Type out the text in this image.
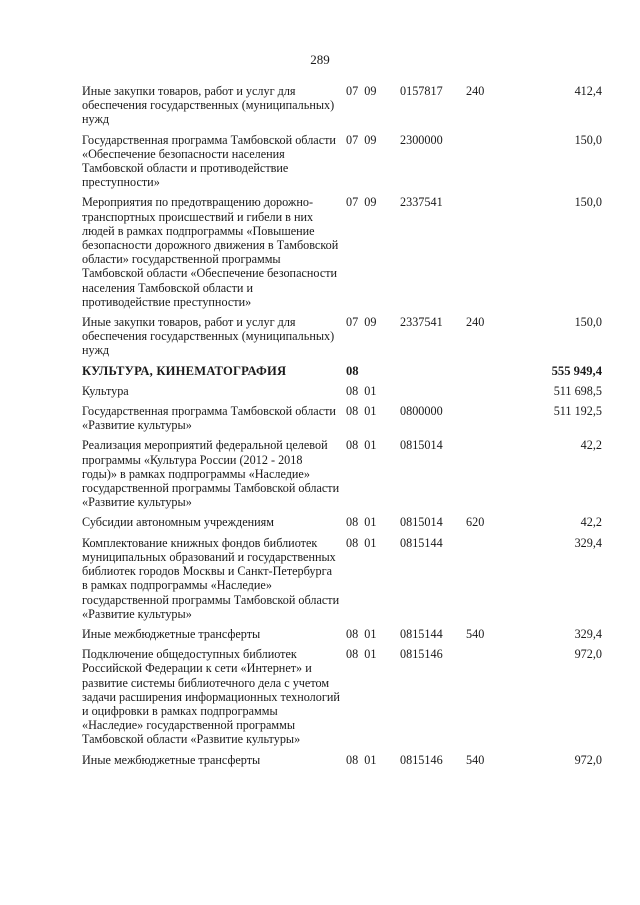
289
Иные закупки товаров, работ и услуг для обеспечения государственных (муниципальных) нужд	07  09	0157817	240	412,4
Государственная программа Тамбовской области «Обеспечение безопасности населения Тамбовской области и противодействие преступности»	07  09	2300000		150,0
Мероприятия по предотвращению дорожно-транспортных происшествий и гибели в них людей в рамках подпрограммы «Повышение безопасности дорожного движения в Тамбовской области» государственной программы Тамбовской области «Обеспечение безопасности населения Тамбовской области и противодействие преступности»	07  09	2337541		150,0
Иные закупки товаров, работ и услуг для обеспечения государственных (муниципальных) нужд	07  09	2337541	240	150,0
КУЛЬТУРА, КИНЕМАТОГРАФИЯ	08			555 949,4
Культура	08  01			511 698,5
Государственная программа Тамбовской области «Развитие культуры»	08  01	0800000		511 192,5
Реализация мероприятий федеральной целевой программы «Культура России (2012 - 2018 годы)» в рамках подпрограммы «Наследие» государственной программы Тамбовской области «Развитие культуры»	08  01	0815014		42,2
Субсидии автономным учреждениям	08  01	0815014	620	42,2
Комплектование книжных фондов библиотек муниципальных образований и государственных библиотек городов Москвы и Санкт-Петербурга в рамках подпрограммы «Наследие» государственной программы Тамбовской области «Развитие культуры»	08  01	0815144		329,4
Иные межбюджетные трансферты	08  01	0815144	540	329,4
Подключение общедоступных библиотек Российской Федерации к сети «Интернет» и развитие системы библиотечного дела с учетом задачи расширения информационных технологий и оцифровки в рамках подпрограммы «Наследие» государственной программы Тамбовской области «Развитие культуры»	08  01	0815146		972,0
Иные межбюджетные трансферты	08  01	0815146	540	972,0
